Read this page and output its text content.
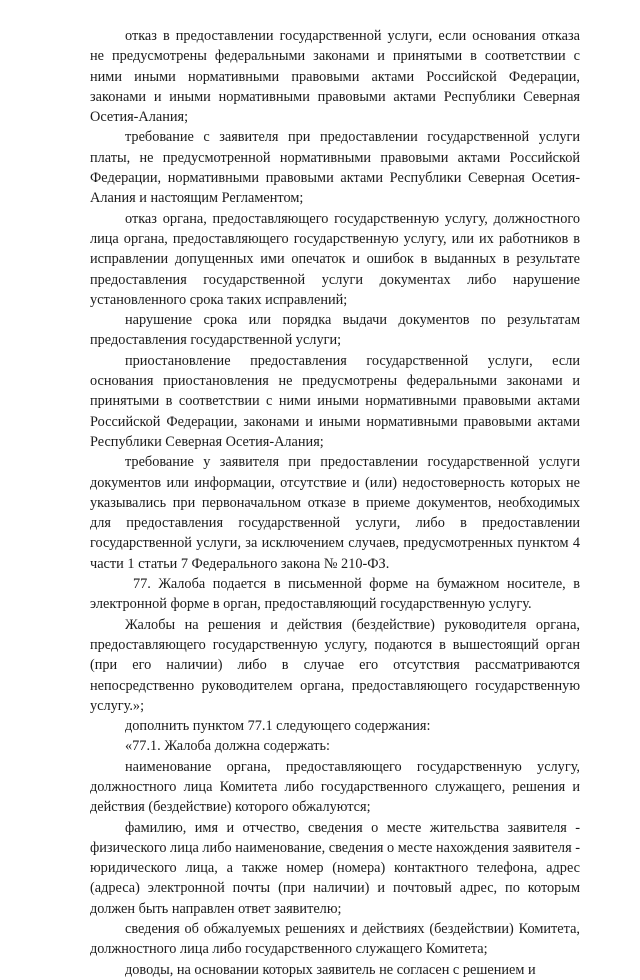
отказ в предоставлении государственной услуги, если основания отказа не предусмотрены федеральными законами и принятыми в соответствии с ними иными нормативными правовыми актами Российской Федерации, законами и иными нормативными правовыми актами Республики Северная Осетия-Алания;

требование с заявителя при предоставлении государственной услуги платы, не предусмотренной нормативными правовыми актами Российской Федерации, нормативными правовыми актами Республики Северная Осетия-Алания и настоящим Регламентом;

отказ органа, предоставляющего государственную услугу, должностного лица органа, предоставляющего государственную услугу, или их работников в исправлении допущенных ими опечаток и ошибок в выданных в результате предоставления государственной услуги документах либо нарушение установленного срока таких исправлений;

нарушение срока или порядка выдачи документов по результатам предоставления государственной услуги;

приостановление предоставления государственной услуги, если основания приостановления не предусмотрены федеральными законами и принятыми в соответствии с ними иными нормативными правовыми актами Российской Федерации, законами и иными нормативными правовыми актами Республики Северная Осетия-Алания;

требование у заявителя при предоставлении государственной услуги документов или информации, отсутствие и (или) недостоверность которых не указывались при первоначальном отказе в приеме документов, необходимых для предоставления государственной услуги, либо в предоставлении государственной услуги, за исключением случаев, предусмотренных пунктом 4 части 1 статьи 7 Федерального закона № 210-ФЗ.

77. Жалоба подается в письменной форме на бумажном носителе, в электронной форме в орган, предоставляющий государственную услугу.

Жалобы на решения и действия (бездействие) руководителя органа, предоставляющего государственную услугу, подаются в вышестоящий орган (при его наличии) либо в случае его отсутствия рассматриваются непосредственно руководителем органа, предоставляющего государственную услугу.»;

дополнить пунктом 77.1 следующего содержания:

«77.1. Жалоба должна содержать:

наименование органа, предоставляющего государственную услугу, должностного лица Комитета либо государственного служащего, решения и действия (бездействие) которого обжалуются;

фамилию, имя и отчество, сведения о месте жительства заявителя - физического лица либо наименование, сведения о месте нахождения заявителя - юридического лица, а также номер (номера) контактного телефона, адрес (адреса) электронной почты (при наличии) и почтовый адрес, по которым должен быть направлен ответ заявителю;

сведения об обжалуемых решениях и действиях (бездействии) Комитета, должностного лица либо государственного служащего Комитета;

доводы, на основании которых заявитель не согласен с решением и
